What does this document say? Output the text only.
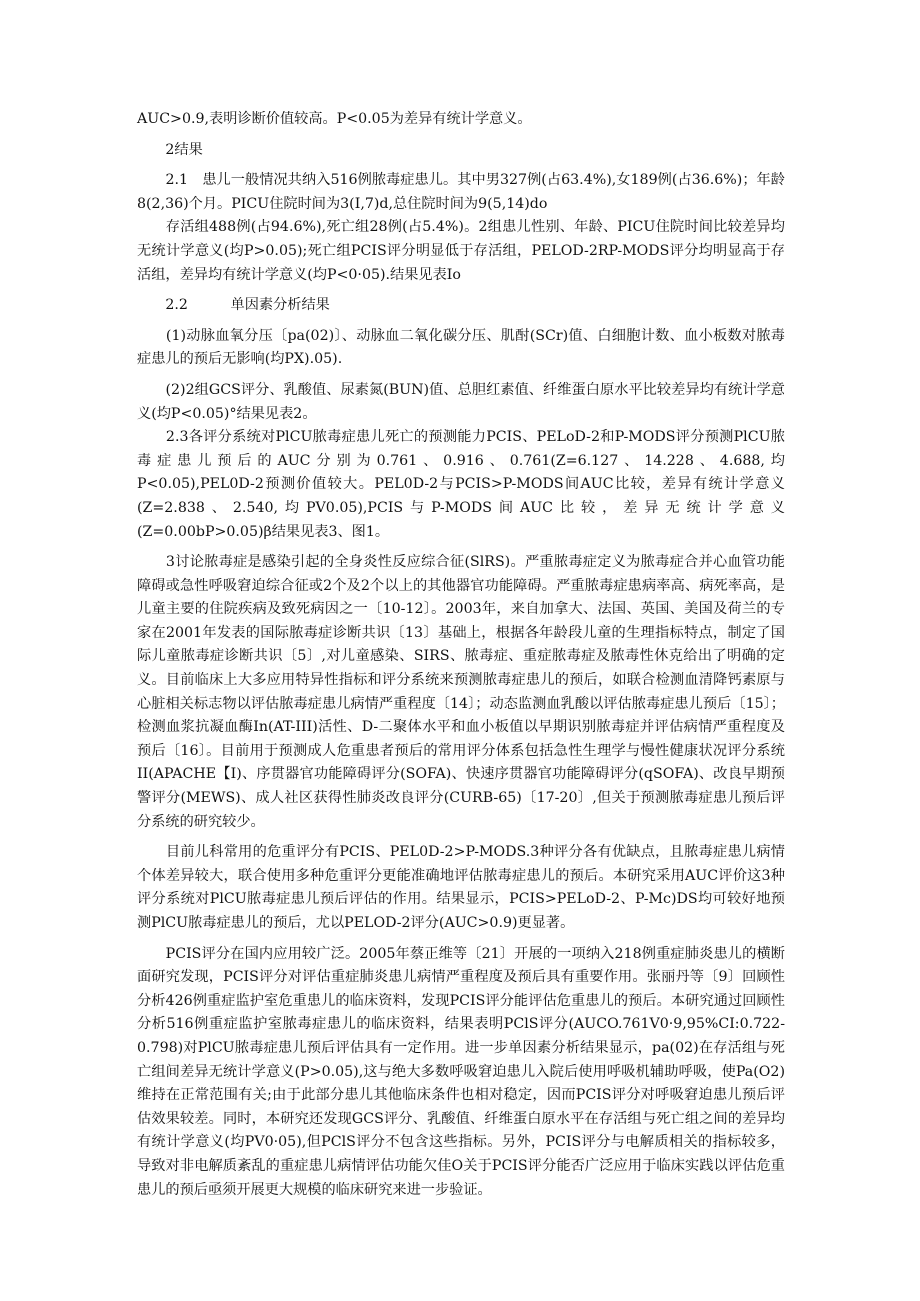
AUC>0.9,表明诊断价值较高。P<0.05为差异有统计学意义。

　　2结果

　　2.1　患儿一般情况共纳入516例脓毒症患儿。其中男327例(占63.4%),女189例(占36.6%)；年龄8(2,36)个月。PICU住院时间为3(I,7)d,总住院时间为9(5,14)do

　　存活组488例(占94.6%),死亡组28例(占5.4%)。2组患儿性别、年龄、PICU住院时间比较差异均无统计学意义(均P>0.05);死亡组PCIS评分明显低于存活组，PELOD-2RP-MODS评分均明显高于存活组，差异均有统计学意义(均P<0·05).结果见表Io

　　2.2　　　单因素分析结果

　　(1)动脉血氧分压〔pa(02)〕、动脉血二氧化碳分压、肌酎(SCr)值、白细胞计数、血小板数对脓毒症患儿的预后无影响(均PX).05).

　　(2)2组GCS评分、乳酸值、尿素氮(BUN)值、总胆红素值、纤维蛋白原水平比较差异均有统计学意义(均P<0.05)°结果见表2。

　　2.3各评分系统对PlCU脓毒症患儿死亡的预测能力PCIS、PELoD-2和P-MODS评分预测PlCU脓毒症患儿预后的AUC分别为0.761、0.916、0.761(Z=6.127、14.228、4.688,均P<0.05),PEL0D-2预测价值较大。PEL0D-2与PCIS>P-MODS间AUC比较，差异有统计学意义(Z=2.838、2.540,均PV0.05),PCIS与P-MODS间AUC比较，差异无统计学意义(Z=0.00bP>0.05)β结果见表3、图1。

　　3讨论脓毒症是感染引起的全身炎性反应综合征(SlRS)。严重脓毒症定义为脓毒症合并心血管功能障碍或急性呼吸窘迫综合征或2个及2个以上的其他器官功能障碍。严重脓毒症患病率高、病死率高，是儿童主要的住院疾病及致死病因之一〔10-12〕。2003年，来自加拿大、法国、英国、美国及荷兰的专家在2001年发表的国际脓毒症诊断共识〔13〕基础上，根据各年龄段儿童的生理指标特点，制定了国际儿童脓毒症诊断共识〔5〕,对儿童感染、SIRS、脓毒症、重症脓毒症及脓毒性休克给出了明确的定义。目前临床上大多应用特异性指标和评分系统来预测脓毒症患儿的预后，如联合检测血清降钙素原与心脏相关标志物以评估脓毒症患儿病情严重程度〔14〕；动态监测血乳酸以评估脓毒症患儿预后〔15〕；检测血浆抗凝血酶In(AT-III)活性、D-二聚体水平和血小板值以早期识别脓毒症并评估病情严重程度及预后〔16〕。目前用于预测成人危重患者预后的常用评分体系包括急性生理学与慢性健康状况评分系统II(APACHE【I)、序贯器官功能障碍评分(SOFA)、快速序贯器官功能障碍评分(qSOFA)、改良早期预警评分(MEWS)、成人社区获得性肺炎改良评分(CURB-65)〔17-20〕,但关于预测脓毒症患儿预后评分系统的研究较少。

　　目前儿科常用的危重评分有PCIS、PEL0D-2>P-MODS.3种评分各有优缺点，且脓毒症患儿病情个体差异较大，联合使用多种危重评分更能准确地评估脓毒症患儿的预后。本研究采用AUC评价这3种评分系统对PlCU脓毒症患儿预后评估的作用。结果显示，PCIS>PELoD-2、P-Mc)DS均可较好地预测PlCU脓毒症患儿的预后，尤以PELOD-2评分(AUC>0.9)更显著。

　　PCIS评分在国内应用较广泛。2005年蔡正维等〔21〕开展的一项纳入218例重症肺炎患儿的横断面研究发现，PCIS评分对评估重症肺炎患儿病情严重程度及预后具有重要作用。张丽丹等〔9〕回顾性分析426例重症监护室危重患儿的临床资料，发现PCIS评分能评估危重患儿的预后。本研究通过回顾性分析516例重症监护室脓毒症患儿的临床资料，结果表明PClS评分(AUCO.761V0·9,95%CI:0.722-0.798)对PlCU脓毒症患儿预后评估具有一定作用。进一步单因素分析结果显示，pa(02)在存活组与死亡组间差异无统计学意义(P>0.05),这与绝大多数呼吸窘迫患儿入院后使用呼吸机辅助呼吸，使Pa(O2)维持在正常范围有关;由于此部分患儿其他临床条件也相对稳定，因而PCIS评分对呼吸窘迫患儿预后评估效果较差。同时，本研究还发现GCS评分、乳酸值、纤维蛋白原水平在存活组与死亡组之间的差异均有统计学意义(均PV0·05),但PClS评分不包含这些指标。另外，PCIS评分与电解质相关的指标较多，导致对非电解质紊乱的重症患儿病情评估功能欠佳O关于PCIS评分能否广泛应用于临床实践以评估危重患儿的预后亟须开展更大规模的临床研究来进一步验证。
